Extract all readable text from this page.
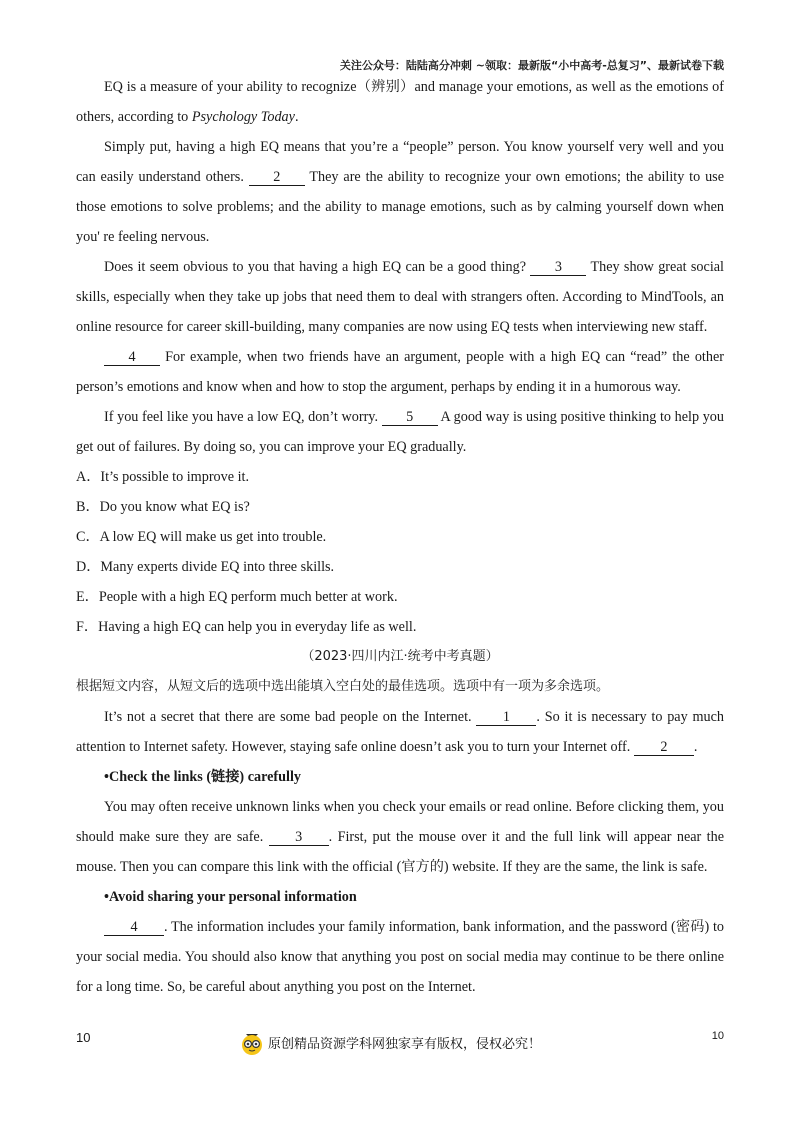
关注公众号：陆陆高分冲刺 ~领取：最新版“小中高考-总复习”、最新试卷下载

EQ is a measure of your ability to recognize（辨别）and manage your emotions, as well as the emotions of others, according to Psychology Today.

Simply put, having a high EQ means that you’re a “people” person. You know yourself very well and you can easily understand others. 2 They are the ability to recognize your own emotions; the ability to use those emotions to solve problems; and the ability to manage emotions, such as by calming yourself down when you' re feeling nervous.

Does it seem obvious to you that having a high EQ can be a good thing? 3 They show great social skills, especially when they take up jobs that need them to deal with strangers often. According to MindTools, an online resource for career skill-building, many companies are now using EQ tests when interviewing new staff.

4 For example, when two friends have an argument, people with a high EQ can “read” the other person’s emotions and know when and how to stop the argument, perhaps by ending it in a humorous way.

If you feel like you have a low EQ, don’t worry. 5 A good way is using positive thinking to help you get out of failures. By doing so, you can improve your EQ gradually.

A．It’s possible to improve it.

B．Do you know what EQ is?

C．A low EQ will make us get into trouble.

D．Many experts divide EQ into three skills.

E．People with a high EQ perform much better at work.

F．Having a high EQ can help you in everyday life as well.

（2023·四川内江·统考中考真题）

根据短文内容，从短文后的选项中选出能填入空白处的最佳选项。选项中有一项为多余选项。

It’s not a secret that there are some bad people on the Internet. 1 . So it is necessary to pay much attention to Internet safety. However, staying safe online doesn’t ask you to turn your Internet off. 2 .

•Check the links (链接) carefully

You may often receive unknown links when you check your emails or read online. Before clicking them, you should make sure they are safe. 3 . First, put the mouse over it and the full link will appear near the mouse. Then you can compare this link with the official (官方的) website. If they are the same, the link is safe.

•Avoid sharing your personal information

4 . The information includes your family information, bank information, and the password (密码) to your social media. You should also know that anything you post on social media may continue to be there online for a long time. So, be careful about anything you post on the Internet.

10	原创精品资源学科网独家享有版权，侵权必究！
10
